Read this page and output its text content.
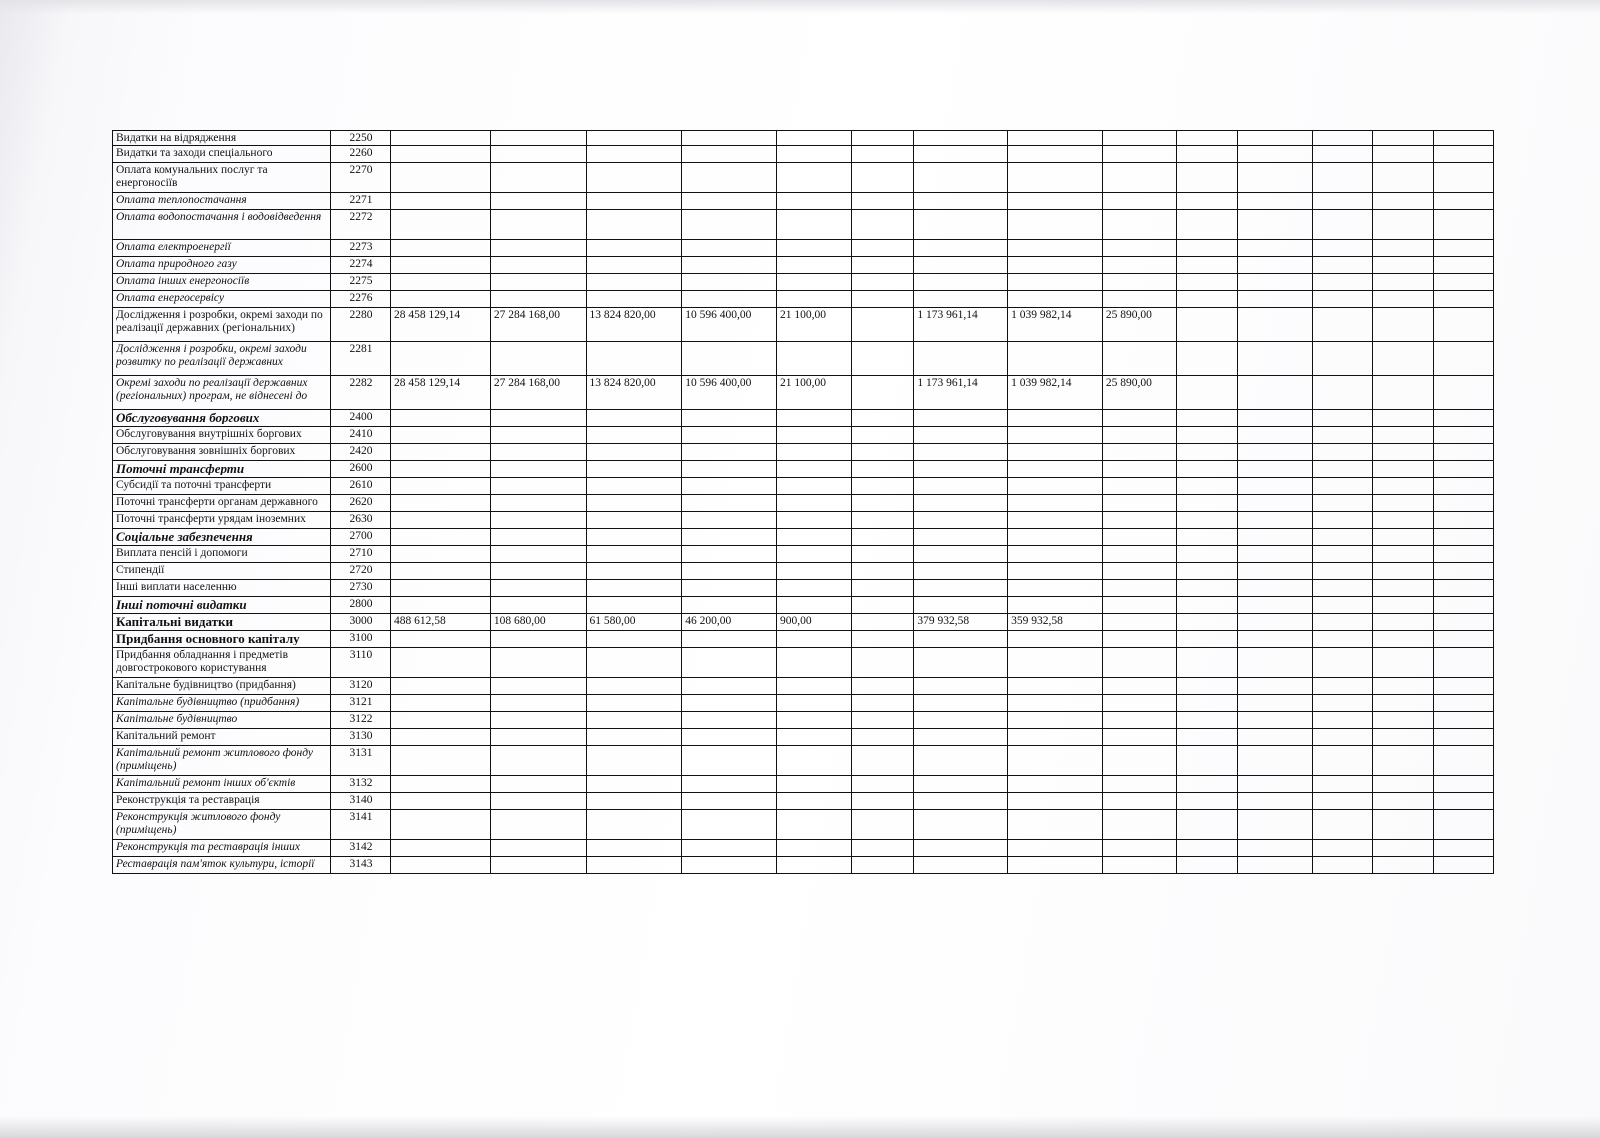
Видатки на відрядження	2250														

Видатки та заходи спеціального	2260														

Оплата комунальних послуг та енергоносіїв	2270														

Оплата теплопостачання	2271														

Оплата водопостачання і водовідведення	2272														

Оплата електроенергії	2273														

Оплата природного газу	2274														

Оплата інших енергоносіїв	2275														

Оплата енергосервісу	2276														

Дослідження і розробки, окремі заходи по реалізації державних (регіональних)	2280	28 458 129,14	27 284 168,00	13 824 820,00	10 596 400,00	21 100,00		1 173 961,14	1 039 982,14	25 890,00					

Дослідження і розробки, окремі заходи розвитку по реалізації державних	2281														

Окремі заходи по реалізації державних (регіональних) програм, не віднесені до	2282	28 458 129,14	27 284 168,00	13 824 820,00	10 596 400,00	21 100,00		1 173 961,14	1 039 982,14	25 890,00					

Обслуговування боргових	2400														

Обслуговування внутрішніх боргових	2410														

Обслуговування зовнішніх боргових	2420														

Поточні трансферти	2600														

Субсидії та поточні трансферти	2610														

Поточні трансферти органам державного	2620														

Поточні трансферти урядам іноземних	2630														

Соціальне забезпечення	2700														

Виплата пенсій і допомоги	2710														

Стипендії	2720														

Інші виплати населенню	2730														

Інші поточні видатки	2800														

Капітальні видатки	3000	488 612,58	108 680,00	61 580,00	46 200,00	900,00		379 932,58	359 932,58						

Придбання основного капіталу	3100														

Придбання обладнання і предметів довгострокового користування	3110														

Капітальне будівництво (придбання)	3120														

Капітальне будівництво (придбання)	3121														

Капітальне будівництво	3122														

Капітальний ремонт	3130														

Капітальний ремонт житлового фонду (приміщень)	3131														

Капітальний ремонт інших об'єктів	3132														

Реконструкція та реставрація	3140														

Реконструкція житлового фонду (приміщень)	3141														

Реконструкція та реставрація інших	3142														

Реставрація пам'яток культури, історії	3143														
